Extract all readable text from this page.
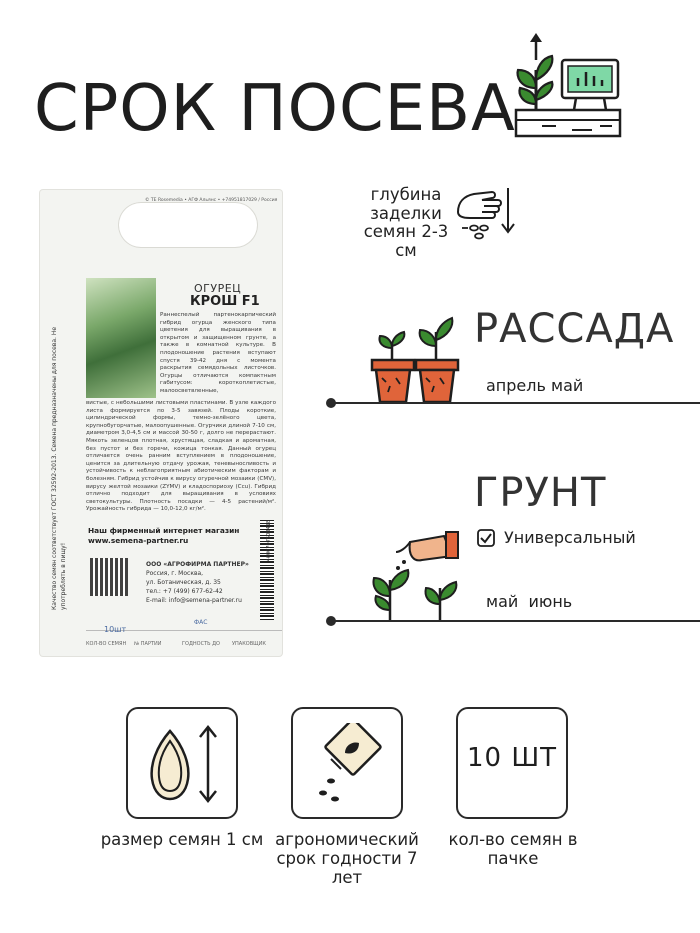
СРОК ПОСЕВА
© ТЕ Rosemedia • АГФ Альянс • +74951817029 / Россия
Качество семян соответствует ГОСТ 32592-2013. Семена предназначены для посева. Не употреблять в пищу!
ОГУРЕЦ
КРОШ F1
Раннеспелый партенокарпический гибрид огурца женского типа цветения для выращивания в открытом и защищенном грунте, а также в комнатной культуре. В плодоношение растения вступают спустя 39-42 дня с момента раскрытия семядольных листочков. Огурцы отличаются компактным габитусом: короткоплетистые, малоосветвленные,
вистые, с небольшими листовыми пластинами. В узле каждого листа формируется по 3-5 завязей. Плоды короткие, цилиндрической формы, темно-зелёного цвета, крупнобугорчатые, малоопушенные. Огурчики длиной 7-10 см, диаметром 3,0-4,5 см и массой 30-50 г, долго не перерастают. Мякоть зеленцов плотная, хрустящая, сладкая и ароматная, без пустот и без горечи, кожица тонкая. Данный огурец отличается очень ранним вступлением в плодоношение, ценится за длительную отдачу урожая, теневыносливость и устойчивость к неблагоприятным абиотическим факторам и болезням. Гибрид устойчив к вирусу огуречной мозаики (CMV), вирусу желтой мозаики (ZYMV) и кладоспориозу (Ccu). Гибрид отлично подходит для выращивания в условиях светокультуры. Плотность посадки — 4-5 растений/м². Урожайность гибрида — 10,0-12,0 кг/м².
Наш фирменный интернет магазин
www.semena-partner.ru
ООО «АГРОФИРМА ПАРТНЕР»
Россия, г. Москва,
ул. Ботаническая, д. 35
тел.: +7 (499) 677-62-42
E-mail: info@semena-partner.ru
4600707508418
10шт
ФАС
КОЛ-ВО СЕМЯН № ПАРТИИ	ГОДНОСТЬ ДО УПАКОВЩИК
глубина заделки семян 2-3 см
РАССАДА
апрель май
ГРУНТ
Универсальный
май  июнь
размер семян 1 см агрономический срок годности 7 лет
10 ШТ
кол-во семян в пачке
